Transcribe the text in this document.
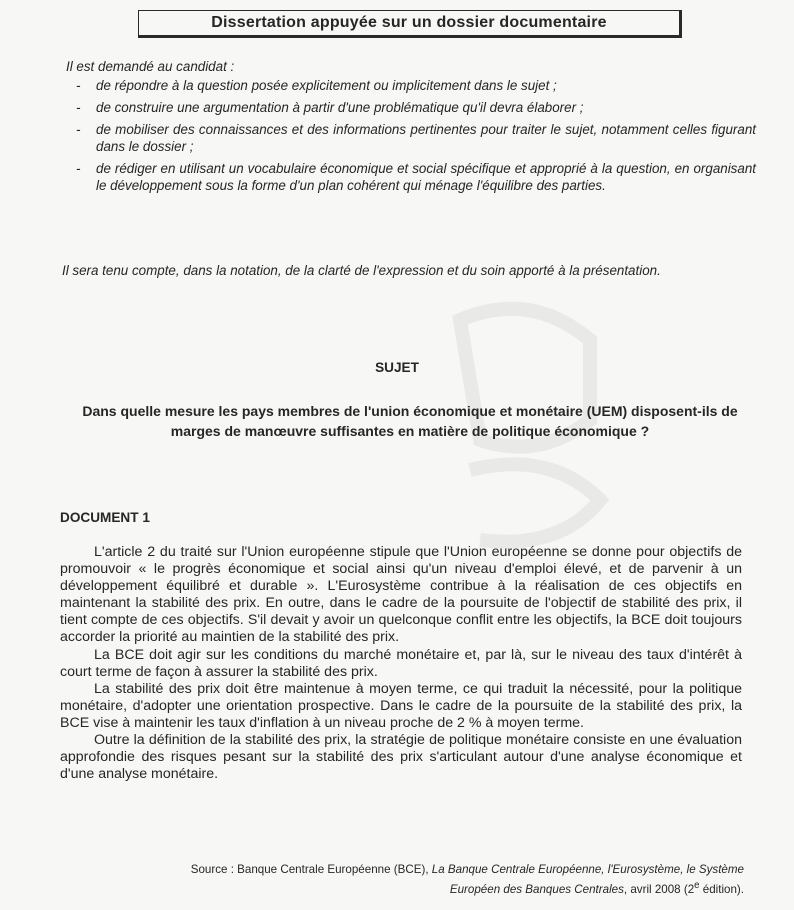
Dissertation appuyée sur un dossier documentaire

Il est demandé au candidat :

- de répondre à la question posée explicitement ou implicitement dans le sujet ;
- de construire une argumentation à partir d'une problématique qu'il devra élaborer ;
- de mobiliser des connaissances et des informations pertinentes pour traiter le sujet, notamment celles figurant dans le dossier ;
- de rédiger en utilisant un vocabulaire économique et social spécifique et approprié à la question, en organisant le développement sous la forme d'un plan cohérent qui ménage l'équilibre des parties.

Il sera tenu compte, dans la notation, de la clarté de l'expression et du soin apporté à la présentation.

SUJET
Dans quelle mesure les pays membres de l'union économique et monétaire (UEM) disposent-ils de marges de manœuvre suffisantes en matière de politique économique ?
DOCUMENT 1

L'article 2 du traité sur l'Union européenne stipule que l'Union européenne se donne pour objectifs de promouvoir « le progrès économique et social ainsi qu'un niveau d'emploi élevé, et de parvenir à un développement équilibré et durable ». L'Eurosystème contribue à la réalisation de ces objectifs en maintenant la stabilité des prix. En outre, dans le cadre de la poursuite de l'objectif de stabilité des prix, il tient compte de ces objectifs. S'il devait y avoir un quelconque conflit entre les objectifs, la BCE doit toujours accorder la priorité au maintien de la stabilité des prix.

La BCE doit agir sur les conditions du marché monétaire et, par là, sur le niveau des taux d'intérêt à court terme de façon à assurer la stabilité des prix.

La stabilité des prix doit être maintenue à moyen terme, ce qui traduit la nécessité, pour la politique monétaire, d'adopter une orientation prospective. Dans le cadre de la poursuite de la stabilité des prix, la BCE vise à maintenir les taux d'inflation à un niveau proche de 2 % à moyen terme.

Outre la définition de la stabilité des prix, la stratégie de politique monétaire consiste en une évaluation approfondie des risques pesant sur la stabilité des prix s'articulant autour d'une analyse économique et d'une analyse monétaire.

Source : Banque Centrale Européenne (BCE), La Banque Centrale Européenne, l'Eurosystème, le Système Européen des Banques Centrales, avril 2008 (2e édition).
